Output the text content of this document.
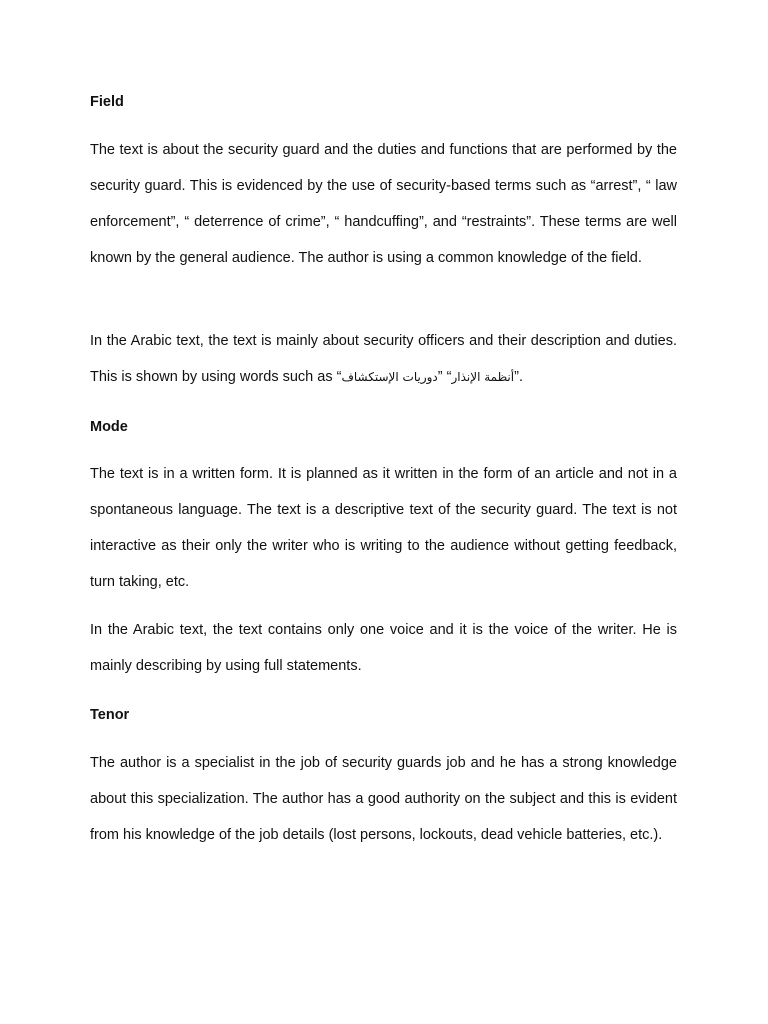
Field

The text is about the security guard and the duties and functions that are performed by the security guard. This is evidenced by the use of security-based terms such as “arrest”, “ law enforcement”, “ deterrence of crime”, “ handcuffing”, and “restraints”. These terms are well known by the general audience. The author is using a common knowledge of the field.

In the Arabic text, the text is mainly about security officers and their description and duties. This is shown by using words such as “دوريات الإستكشاف” “أنظمة الإنذار”.

Mode

The text is in a written form. It is planned as it written in the form of an article and not in a spontaneous language. The text is a descriptive text of the security guard. The text is not interactive as their only the writer who is writing to the audience without getting feedback, turn taking, etc.

In the Arabic text, the text contains only one voice and it is the voice of the writer. He is mainly describing by using full statements.

Tenor

The author is a specialist in the job of security guards job and he has a strong knowledge about this specialization. The author has a good authority on the subject and this is evident from his knowledge of the job details (lost persons, lockouts, dead vehicle batteries, etc.).
